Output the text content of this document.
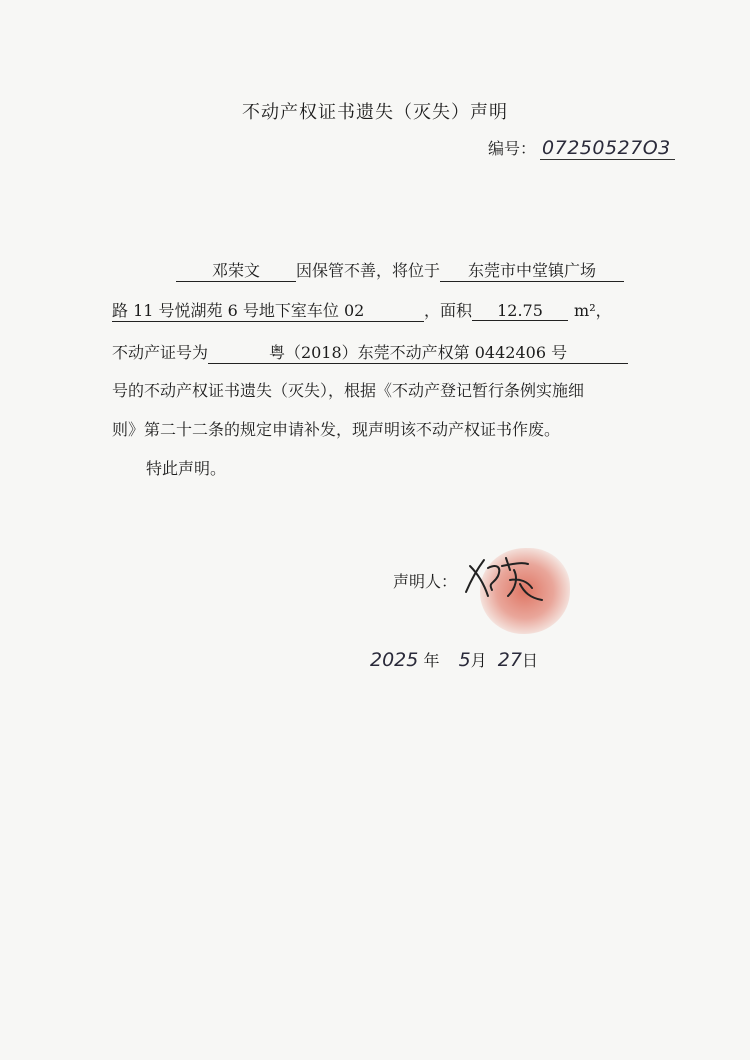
不动产权证书遗失（灭失）声明
编号： 07250527O3
邓荣文 因保管不善，将位于 东莞市中堂镇广场
路 11 号悦湖苑 6 号地下室车位 02	，面积 12.75 m²，
不动产证号为	粤（2018）东莞不动产权第 0442406 号
号的不动产权证书遗失（灭失），根据《不动产登记暂行条例实施细
则》第二十二条的规定申请补发，现声明该不动产权证书作废。
特此声明。
声明人：
2025 年 5月 27日
